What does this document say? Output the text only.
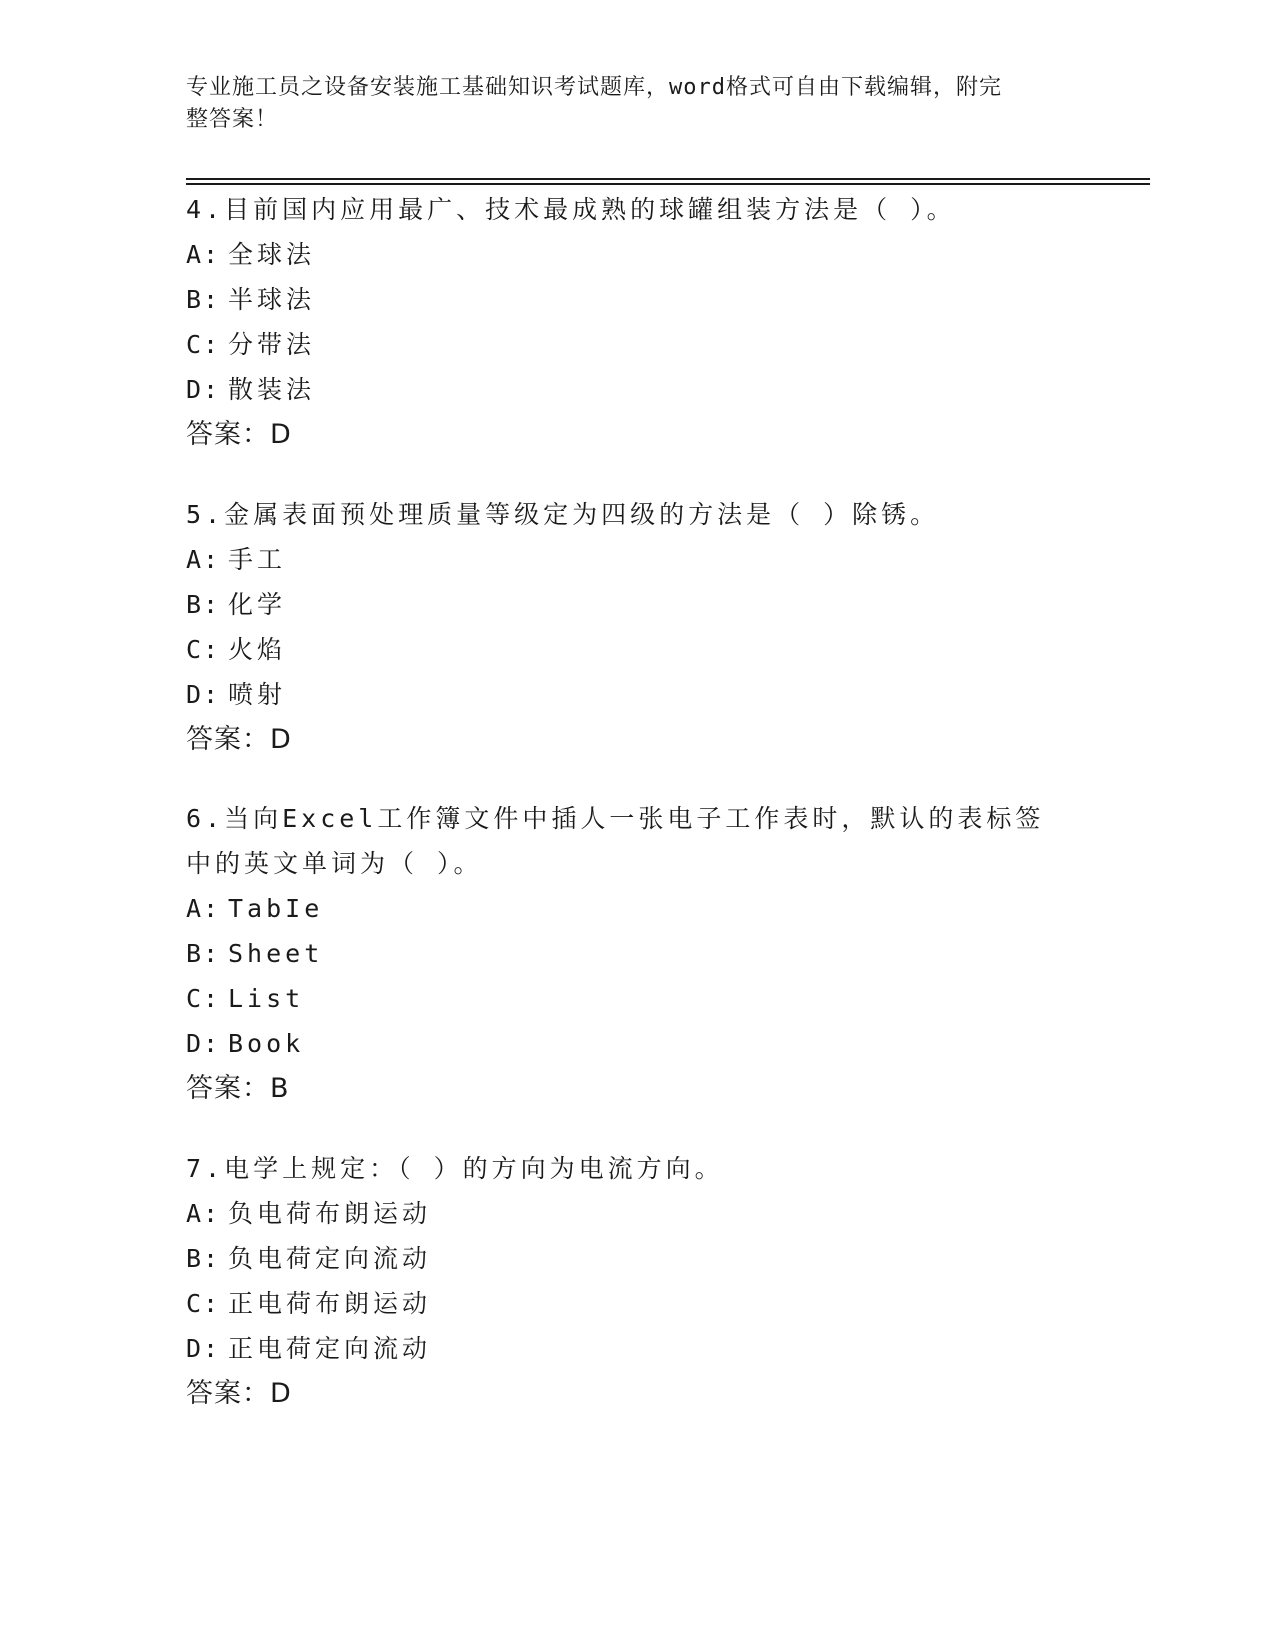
专业施工员之设备安装施工基础知识考试题库，word格式可自由下载编辑，附完
整答案！

4.目前国内应用最广、技术最成熟的球罐组装方法是（ ）。

A: 全球法

B: 半球法

C: 分带法

D: 散装法

答案：D

5.金属表面预处理质量等级定为四级的方法是（ ）除锈。

A: 手工

B: 化学

C: 火焰

D: 喷射

答案：D

6.当向Excel工作簿文件中插人一张电子工作表时，默认的表标签中的英文单词为（ ）。

A: TabIe

B: Sheet

C: List

D: Book

答案：B

7.电学上规定：（ ）的方向为电流方向。

A: 负电荷布朗运动

B: 负电荷定向流动

C: 正电荷布朗运动

D: 正电荷定向流动

答案：D
